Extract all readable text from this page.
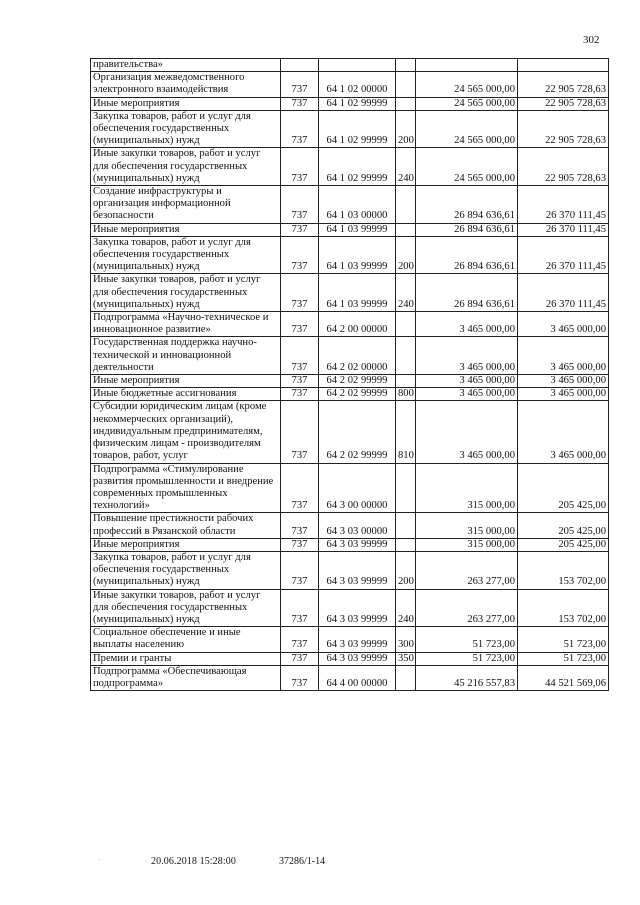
302
правительства»					
Организация межведомственного электронного взаимодействия	737	64 1 02 00000		24 565 000,00	22 905 728,63
Иные мероприятия	737	64 1 02 99999		24 565 000,00	22 905 728,63
Закупка товаров, работ и услуг для обеспечения государственных (муниципальных) нужд	737	64 1 02 99999	200	24 565 000,00	22 905 728,63
Иные закупки товаров, работ и услуг для обеспечения государственных (муниципальных) нужд	737	64 1 02 99999	240	24 565 000,00	22 905 728,63
Создание инфраструктуры и организация информационной безопасности	737	64 1 03 00000		26 894 636,61	26 370 111,45
Иные мероприятия	737	64 1 03 99999		26 894 636,61	26 370 111,45
Закупка товаров, работ и услуг для обеспечения государственных (муниципальных) нужд	737	64 1 03 99999	200	26 894 636,61	26 370 111,45
Иные закупки товаров, работ и услуг для обеспечения государственных (муниципальных) нужд	737	64 1 03 99999	240	26 894 636,61	26 370 111,45
Подпрограмма «Научно-техническое и инновационное развитие»	737	64 2 00 00000		3 465 000,00	3 465 000,00
Государственная поддержка научно-технической и инновационной деятельности	737	64 2 02 00000		3 465 000,00	3 465 000,00
Иные мероприятия	737	64 2 02 99999		3 465 000,00	3 465 000,00
Иные бюджетные ассигнования	737	64 2 02 99999	800	3 465 000,00	3 465 000,00
Субсидии юридическим лицам (кроме некоммерческих организаций), индивидуальным предпринимателям, физическим лицам - производителям товаров, работ, услуг	737	64 2 02 99999	810	3 465 000,00	3 465 000,00
Подпрограмма «Стимулирование развития промышленности и внедрение современных промышленных технологий»	737	64 3 00 00000		315 000,00	205 425,00
Повышение престижности рабочих профессий в Рязанской области	737	64 3 03 00000		315 000,00	205 425,00
Иные мероприятия	737	64 3 03 99999		315 000,00	205 425,00
Закупка товаров, работ и услуг для обеспечения государственных (муниципальных) нужд	737	64 3 03 99999	200	263 277,00	153 702,00
Иные закупки товаров, работ и услуг для обеспечения государственных (муниципальных) нужд	737	64 3 03 99999	240	263 277,00	153 702,00
Социальное обеспечение и иные выплаты населению	737	64 3 03 99999	300	51 723,00	51 723,00
Премии и гранты	737	64 3 03 99999	350	51 723,00	51 723,00
Подпрограмма «Обеспечивающая подпрограмма»	737	64 4 00 00000		45 216 557,83	44 521 569,06
·	20.06.2018 15:28:00	37286/1-14
